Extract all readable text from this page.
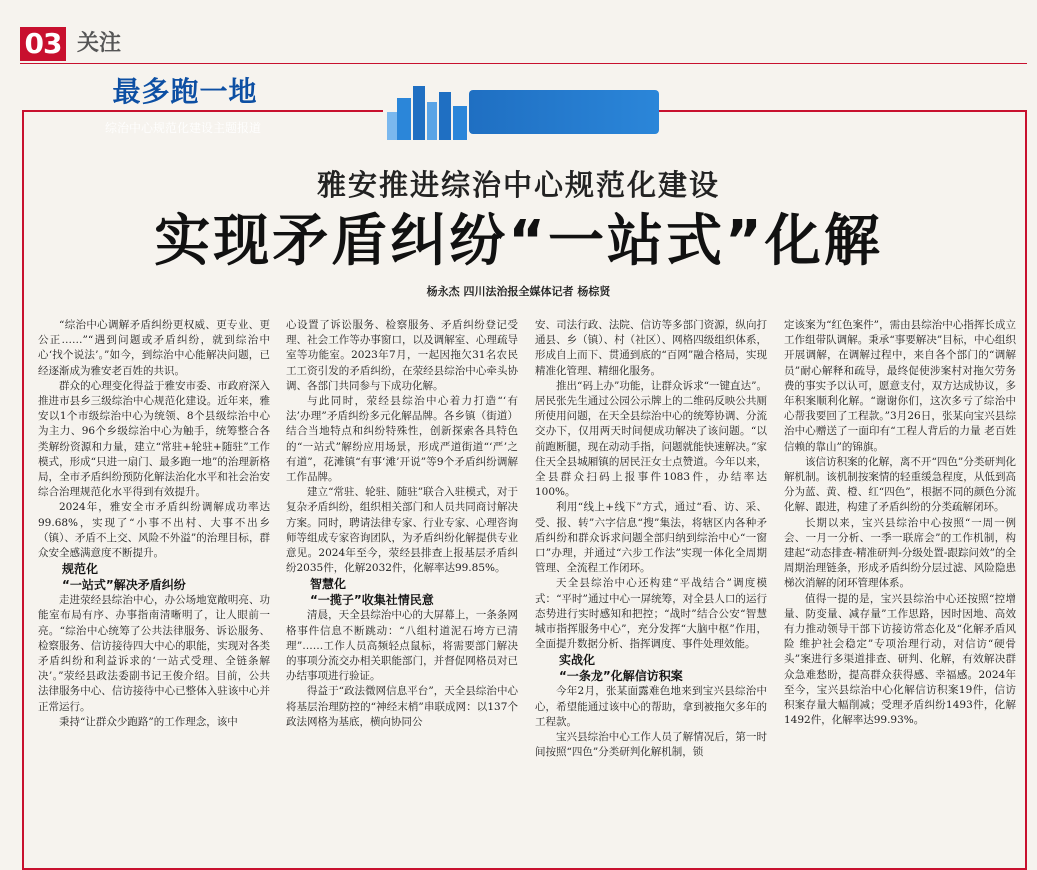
03 关注
最多跑一地
综治中心规范化建设主题报道
雅安推进综治中心规范化建设
实现矛盾纠纷“一站式”化解
杨永杰 四川法治报全媒体记者 杨棕贤

“综治中心调解矛盾纠纷更权威、更专业、更公正……”“遇到问题或矛盾纠纷，就到综治中心‘找个说法’。”如今，到综治中心能解决问题，已经逐渐成为雅安老百姓的共识。

群众的心理变化得益于雅安市委、市政府深入推进市县乡三级综治中心规范化建设。近年来，雅安以1个市级综治中心为统领、8个县级综治中心为主力、96个乡级综治中心为触手，统筹整合各类解纷资源和力量，建立“常驻+轮驻+随驻”工作模式，形成“只进一扇门、最多跑一地”的治理新格局，全市矛盾纠纷预防化解法治化水平和社会治安综合治理规范化水平得到有效提升。

2024年，雅安全市矛盾纠纷调解成功率达99.68%，实现了“小事不出村、大事不出乡（镇）、矛盾不上交、风险不外溢”的治理目标，群众安全感满意度不断提升。

规范化

“一站式”解决矛盾纠纷

走进荥经县综治中心，办公场地宽敞明亮、功能室布局有序、办事指南清晰明了，让人眼前一亮。“综治中心统筹了公共法律服务、诉讼服务、检察服务、信访接待四大中心的职能，实现对各类矛盾纠纷和利益诉求的‘一站式受理、全链条解决’。”荥经县政法委副书记王俊介绍。目前，公共法律服务中心、信访接待中心已整体入驻该中心并正常运行。

秉持“让群众少跑路”的工作理念，该中

心设置了诉讼服务、检察服务、矛盾纠纷登记受理、社会工作等办事窗口，以及调解室、心理疏导室等功能室。2023年7月，一起因拖欠31名农民工工资引发的矛盾纠纷，在荥经县综治中心牵头协调、各部门共同参与下成功化解。

与此同时，荥经县综治中心着力打造“‘有法’办理”矛盾纠纷多元化解品牌。各乡镇（街道）结合当地特点和纠纷特殊性，创新探索各具特色的“一站式”解纷应用场景，形成严道街道“‘严’之有道”，花滩镇“有事‘滩’开说”等9个矛盾纠纷调解工作品牌。

建立“常驻、轮驻、随驻”联合入驻模式，对于复杂矛盾纠纷，组织相关部门和人员共同商讨解决方案。同时，聘请法律专家、行业专家、心理咨询师等组成专家咨询团队，为矛盾纠纷化解提供专业意见。2024年至今，荥经县排查上报基层矛盾纠纷2035件，化解2032件，化解率达99.85%。

智慧化

“一揽子”收集社情民意

清晨，天全县综治中心的大屏幕上，一条条网格事件信息不断跳动：“八组村道泥石垮方已清理”……工作人员高频轻点鼠标，将需要部门解决的事项分流交办相关职能部门，并督促网格员对已办结事项进行验证。

得益于“政法微网信息平台”，天全县综治中心将基层治理防控的“神经末梢”串联成网：以137个政法网格为基底，横向协同公

安、司法行政、法院、信访等多部门资源，纵向打通县、乡（镇）、村（社区）、网格四级组织体系，形成自上而下、贯通到底的“百网”融合格局，实现精准化管理、精细化服务。

推出“码上办”功能，让群众诉求“一键直达”。居民张先生通过公园公示牌上的二维码反映公共厕所使用问题，在天全县综治中心的统筹协调、分流交办下，仅用两天时间便成功解决了该问题。“以前跑断腿，现在动动手指，问题就能快速解决。”家住天全县城厢镇的居民汪女士点赞道。今年以来，全县群众扫码上报事件1083件，办结率达100%。

利用“线上+线下”方式，通过“看、访、采、受、报、转”六字信息“搜”集法，将辖区内各种矛盾纠纷和群众诉求问题全部归纳到综治中心“一窗口”办理，并通过“六步工作法”实现一体化全周期管理、全流程工作闭环。

天全县综治中心还构建“平战结合”调度模式：“平时”通过中心一屏统筹，对全县人口的运行态势进行实时感知和把控；“战时”结合公安“智慧城市指挥服务中心”，充分发挥“大脑中枢”作用，全面提升数据分析、指挥调度、事件处理效能。

实战化

“一条龙”化解信访积案

今年2月，张某面露难色地来到宝兴县综治中心，希望能通过该中心的帮助，拿到被拖欠多年的工程款。

宝兴县综治中心工作人员了解情况后，第一时间按照“四色”分类研判化解机制，锁

定该案为“红色案件”，需由县综治中心指挥长成立工作组带队调解。秉承“事要解决”目标，中心组织开展调解，在调解过程中，来自各个部门的“调解员”耐心解释和疏导，最终促使涉案村对拖欠劳务费的事实予以认可，愿意支付，双方达成协议，多年积案顺利化解。“谢谢你们，这次多亏了综治中心帮我要回了工程款。”3月26日，张某向宝兴县综治中心赠送了一面印有“工程人背后的力量 老百姓信赖的靠山”的锦旗。

该信访积案的化解，离不开“四色”分类研判化解机制。该机制按案情的轻重缓急程度，从低到高分为蓝、黄、橙、红“四色”，根据不同的颜色分流化解、跟进，构建了矛盾纠纷的分类疏解闭环。

长期以来，宝兴县综治中心按照“一周一例会、一月一分析、一季一联席会”的工作机制，构建起“动态排查-精准研判-分级处置-跟踪问效”的全周期治理链条，形成矛盾纠纷分层过滤、风险隐患梯次消解的闭环管理体系。

值得一提的是，宝兴县综治中心还按照“控增量、防变量、减存量”工作思路，因时因地、高效有力推动领导干部下访接访常态化及“化解矛盾风险 维护社会稳定”专项治理行动，对信访“硬骨头”案进行多渠道排查、研判、化解，有效解决群众急难愁盼，提高群众获得感、幸福感。2024年至今，宝兴县综治中心化解信访积案19件，信访积案存量大幅削减；受理矛盾纠纷1493件，化解1492件，化解率达99.93%。
